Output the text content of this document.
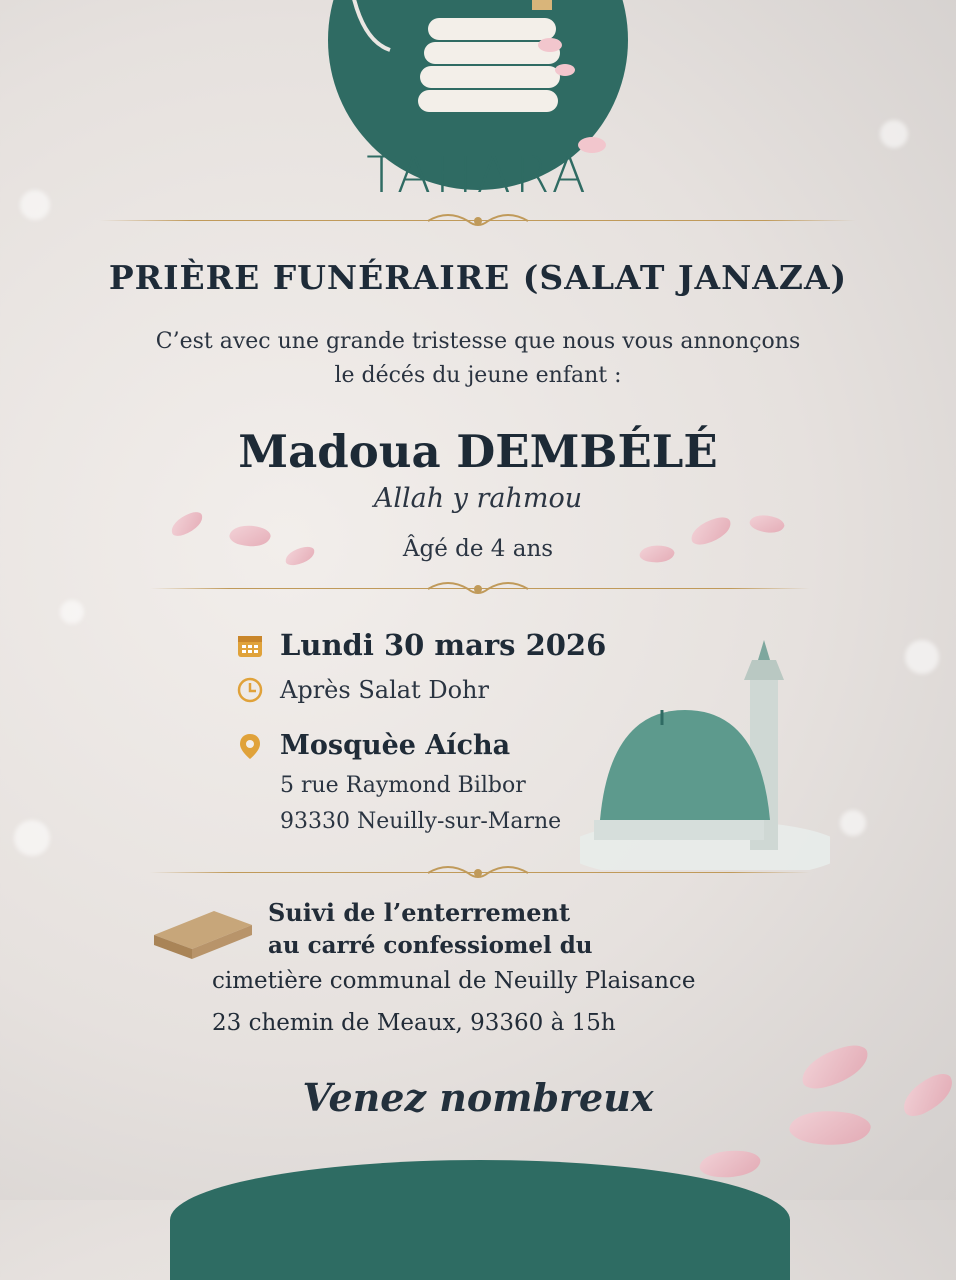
TAHARA
PRIÈRE FUNÉRAIRE (SALAT JANAZA)
C’est avec une grande tristesse que nous vous annonçons
le décés du jeune enfant :
Madoua DEMBÉLÉ
Allah y rahmou
Âgé de 4 ans
Lundi 30 mars 2026
Après Salat Dohr
Mosquèe Aícha
5 rue Raymond Bilbor
93330 Neuilly-sur-Marne
Suivi de l’enterrement
au carré confessiomel du
cimetière communal de Neuilly Plaisance
23 chemin de Meaux, 93360 à 15h
Venez nombreux
